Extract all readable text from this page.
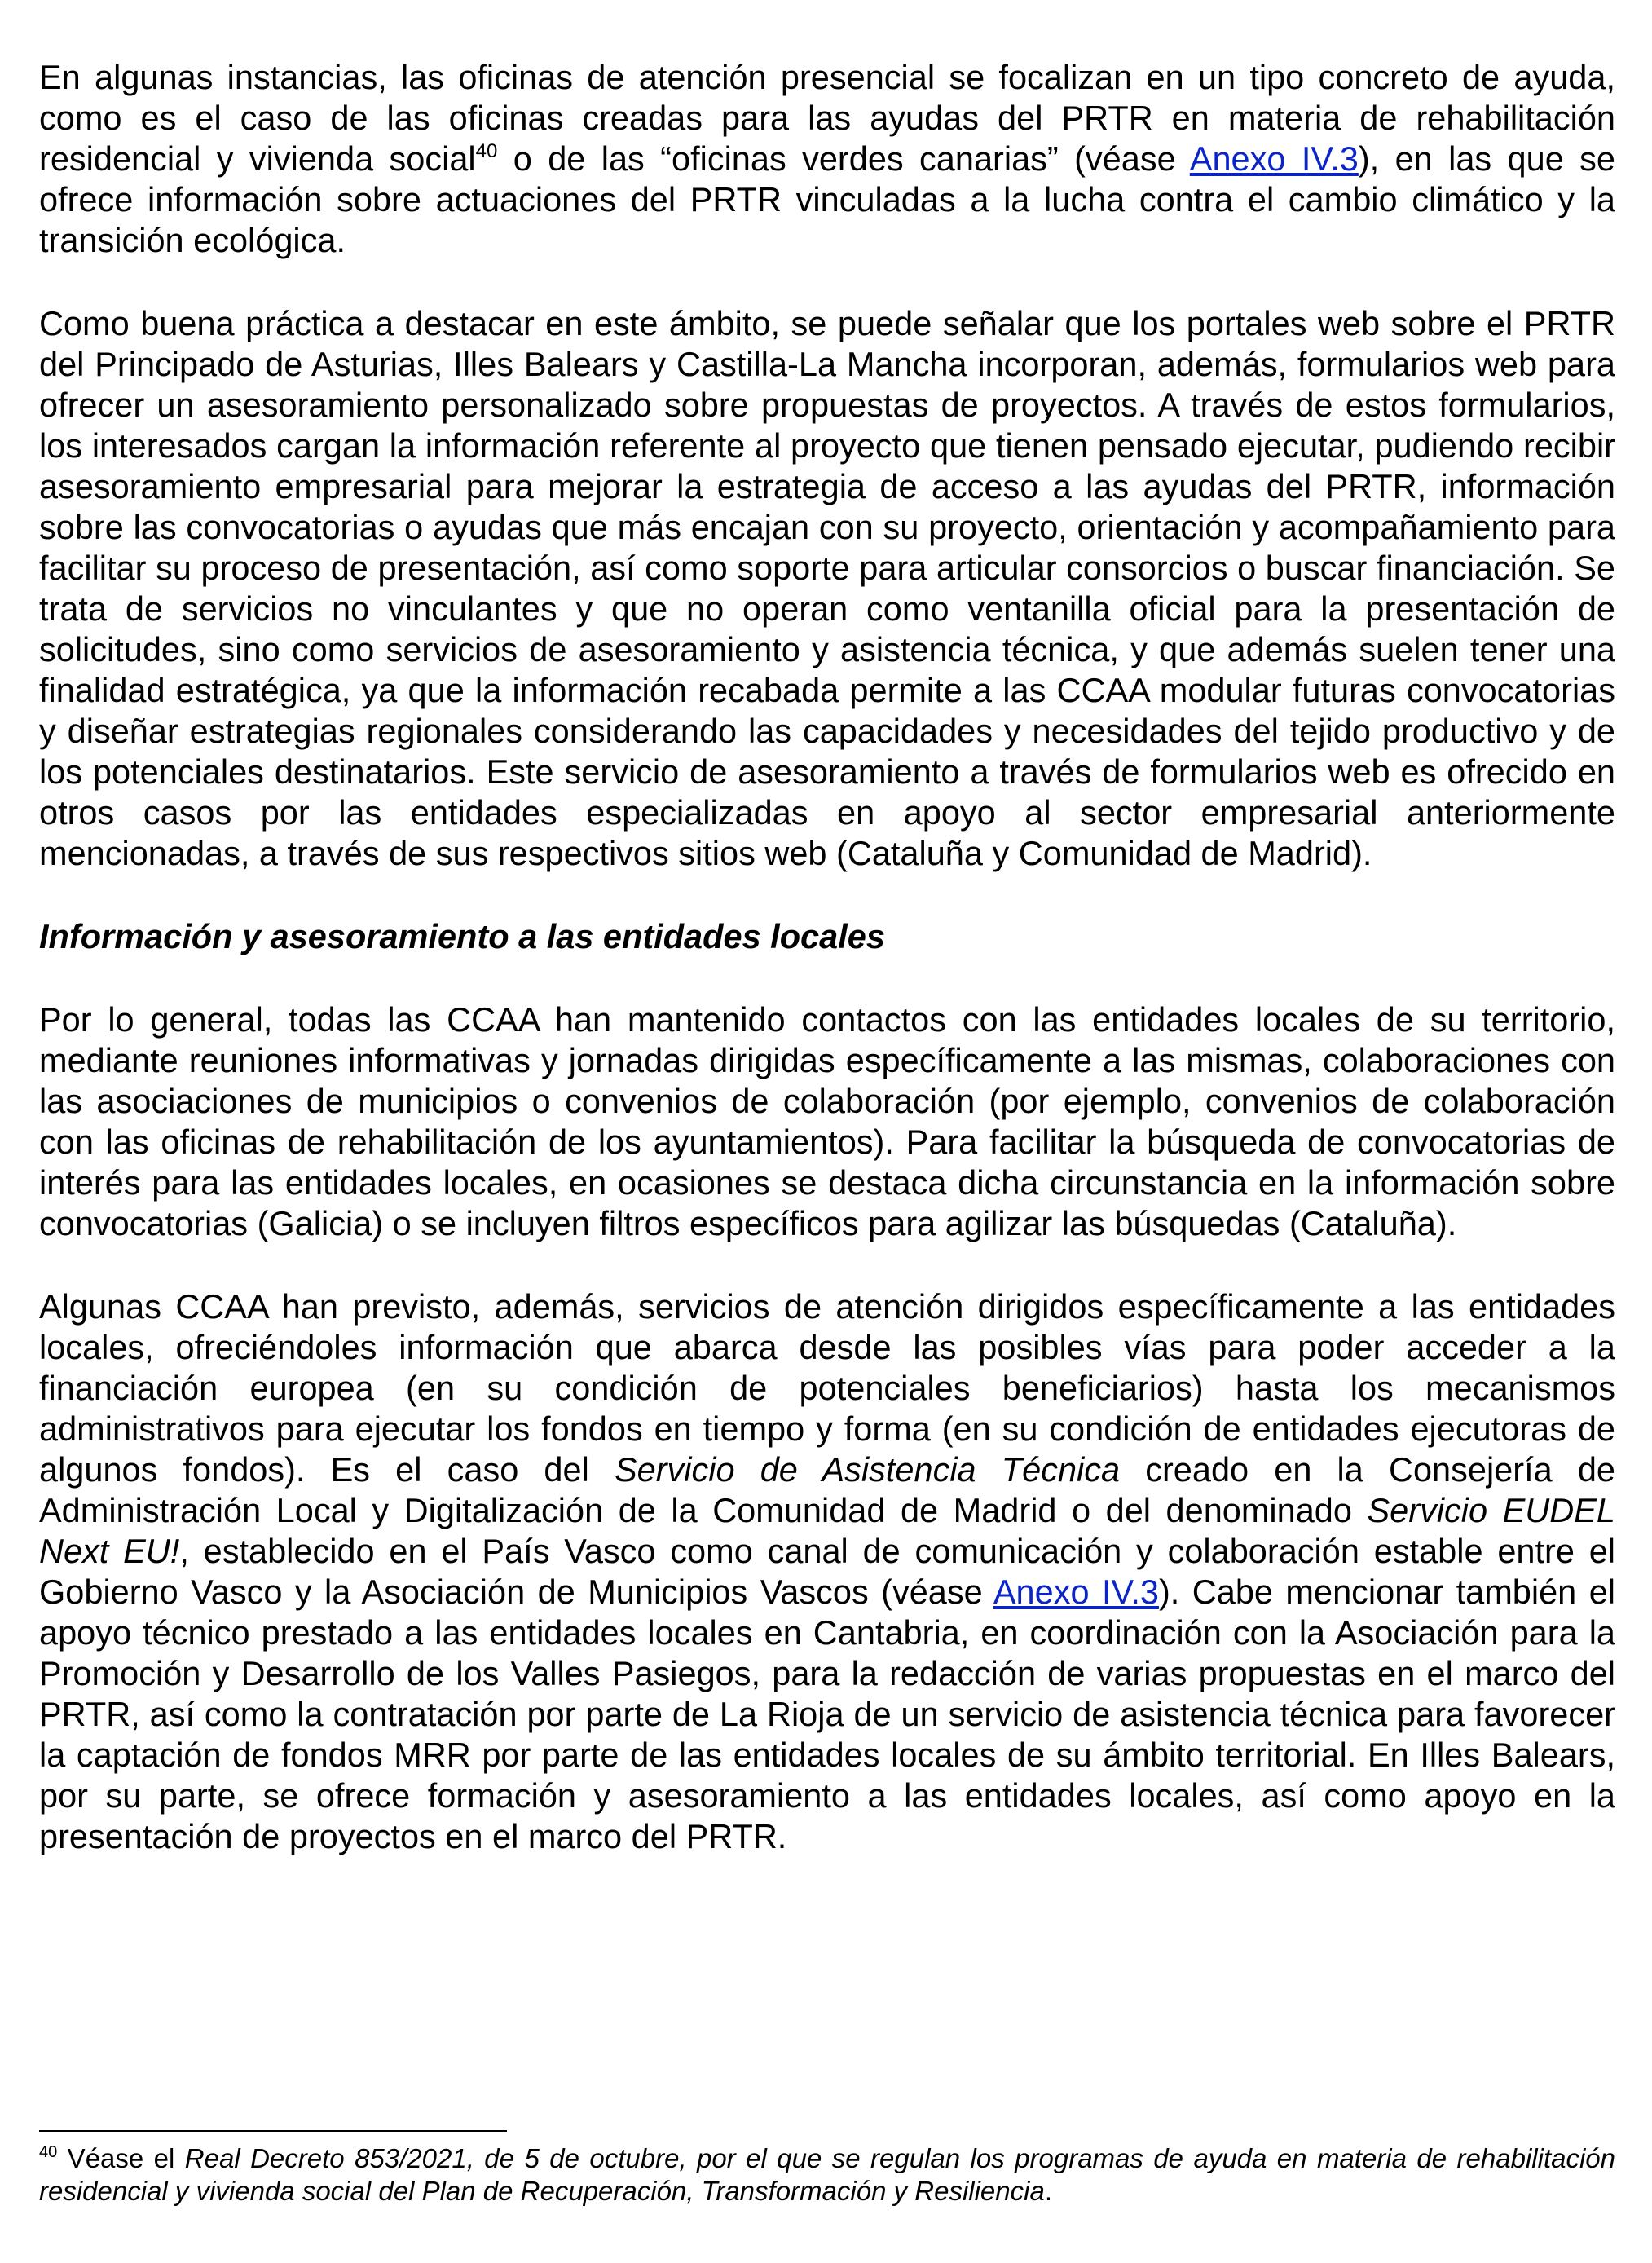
En algunas instancias, las oficinas de atención presencial se focalizan en un tipo concreto de ayuda, como es el caso de las oficinas creadas para las ayudas del PRTR en materia de rehabilitación residencial y vivienda social$^{40}$ o de las “oficinas verdes canarias” (véase Anexo IV.3), en las que se ofrece información sobre actuaciones del PRTR vinculadas a la lucha contra el cambio climático y la transición ecológica.

Como buena práctica a destacar en este ámbito, se puede señalar que los portales web sobre el PRTR del Principado de Asturias, Illes Balears y Castilla-La Mancha incorporan, además, formularios web para ofrecer un asesoramiento personalizado sobre propuestas de proyectos. A través de estos formularios, los interesados cargan la información referente al proyecto que tienen pensado ejecutar, pudiendo recibir asesoramiento empresarial para mejorar la estrategia de acceso a las ayudas del PRTR, información sobre las convocatorias o ayudas que más encajan con su proyecto, orientación y acompañamiento para facilitar su proceso de presentación, así como soporte para articular consorcios o buscar financiación. Se trata de servicios no vinculantes y que no operan como ventanilla oficial para la presentación de solicitudes, sino como servicios de asesoramiento y asistencia técnica, y que además suelen tener una finalidad estratégica, ya que la información recabada permite a las CCAA modular futuras convocatorias y diseñar estrategias regionales considerando las capacidades y necesidades del tejido productivo y de los potenciales destinatarios. Este servicio de asesoramiento a través de formularios web es ofrecido en otros casos por las entidades especializadas en apoyo al sector empresarial anteriormente mencionadas, a través de sus respectivos sitios web (Cataluña y Comunidad de Madrid).

Información y asesoramiento a las entidades locales

Por lo general, todas las CCAA han mantenido contactos con las entidades locales de su territorio, mediante reuniones informativas y jornadas dirigidas específicamente a las mismas, colaboraciones con las asociaciones de municipios o convenios de colaboración (por ejemplo, convenios de colaboración con las oficinas de rehabilitación de los ayuntamientos). Para facilitar la búsqueda de convocatorias de interés para las entidades locales, en ocasiones se destaca dicha circunstancia en la información sobre convocatorias (Galicia) o se incluyen filtros específicos para agilizar las búsquedas (Cataluña).

Algunas CCAA han previsto, además, servicios de atención dirigidos específicamente a las entidades locales, ofreciéndoles información que abarca desde las posibles vías para poder acceder a la financiación europea (en su condición de potenciales beneficiarios) hasta los mecanismos administrativos para ejecutar los fondos en tiempo y forma (en su condición de entidades ejecutoras de algunos fondos). Es el caso del Servicio de Asistencia Técnica creado en la Consejería de Administración Local y Digitalización de la Comunidad de Madrid o del denominado Servicio EUDEL Next EU!, establecido en el País Vasco como canal de comunicación y colaboración estable entre el Gobierno Vasco y la Asociación de Municipios Vascos (véase Anexo IV.3). Cabe mencionar también el apoyo técnico prestado a las entidades locales en Cantabria, en coordinación con la Asociación para la Promoción y Desarrollo de los Valles Pasiegos, para la redacción de varias propuestas en el marco del PRTR, así como la contratación por parte de La Rioja de un servicio de asistencia técnica para favorecer la captación de fondos MRR por parte de las entidades locales de su ámbito territorial. En Illes Balears, por su parte, se ofrece formación y asesoramiento a las entidades locales, así como apoyo en la presentación de proyectos en el marco del PRTR.

$^{40}$ Véase el Real Decreto 853/2021, de 5 de octubre, por el que se regulan los programas de ayuda en materia de rehabilitación residencial y vivienda social del Plan de Recuperación, Transformación y Resiliencia.
